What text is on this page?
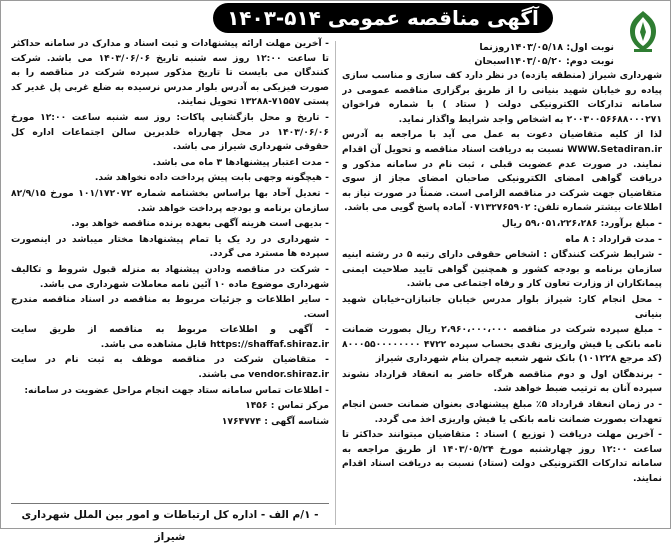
آگهی مناقصه عمومی ۵۱۴-۱۴۰۳
نوبت اول: ۱۴۰۳/۰۵/۱۸روزنما
نوبت دوم: ۱۴۰۳/۰۵/۲۰اسبحان

شهرداری شیراز (منطقه یازده) در نظر دارد کف سازی و مناسب سازی پیاده رو خیابان شهید بنیانی را از طریق برگزاری مناقصه عمومی در سامانه تدارکات الکترونیکی دولت ( ستاد ) با شماره فراخوان ۲۰۰۳۰۰۵۶۶۸۸۰۰۰۲۷۱ به اشخاص واجد شرایط واگذار نماید.

لذا از کلیه متقاضیان دعوت به عمل می آید با مراجعه به آدرس WWW.Setadiran.ir نسبت به دریافت اسناد مناقصه و تحویل آن اقدام نمایند. در صورت عدم عضویت قبلی ، ثبت نام در سامانه مذکور و دریافت گواهی امضای الکترونیکی صاحبان امضای مجاز از سوی متقاضیان جهت شرکت در مناقصه الزامی است. ضمناً در صورت نیاز به اطلاعات بیشتر شماره تلفن: ۰۷۱۳۲۷۶۵۹۰۲ آماده پاسخ گویی می باشد.

- مبلغ برآورد: ۵۹،۰۵۱،۲۲۶،۲۸۶ ریال

- مدت قرارداد : ۸ ماه

- شرایط شرکت کنندگان : اشخاص حقوقی دارای رتبه ۵ در رشته ابنیه سازمان برنامه و بودجه کشور و همچنین گواهی تایید صلاحیت ایمنی پیمانکاران از وزارت تعاون کار و رفاه اجتماعی می باشد.

- محل انجام کار: شیراز بلوار مدرس خیابان جانبازان-خیابان شهید بنیانی

- مبلغ سپرده شرکت در مناقصه ۲،۹۶۰،۰۰۰،۰۰۰ ریال بصورت ضمانت نامه بانکی یا فیش واریزی نقدی بحساب سپرده ۴۷۲۲ ۸۰۰۰۵۵۰۰۰۰۰۰۰۰ (کد مرجع ۱۰۱۲۲۸) بانک شهر شعبه چمران بنام شهرداری شیراز

- برندهگان اول و دوم مناقصه هرگاه حاضر به انعقاد قرارداد نشوند سپرده آنان به ترتیب ضبط خواهد شد.

- در زمان انعقاد قرارداد ۵٪ مبلغ پیشنهادی بعنوان ضمانت حسن انجام تعهدات بصورت ضمانت نامه بانکی یا فیش واریزی اخذ می گردد.

- آخرین مهلت دریافت ( توزیع ) اسناد : متقاضیان میتوانند حداکثر تا ساعت ۱۲:۰۰ روز چهارشنبه مورخ ۱۴۰۳/۰۵/۲۴ از طریق مراجعه به سامانه تدارکات الکترونیکی دولت (ستاد) نسبت به دریافت اسناد اقدام نمایند.

- آخرین مهلت ارائه پیشنهادات و ثبت اسناد و مدارک در سامانه حداکثر تا ساعت ۱۲:۰۰ روز سه شنبه تاریخ ۱۴۰۳/۰۶/۰۶ می باشد. شرکت کنندگان می بایست تا تاریخ مذکور سپرده شرکت در مناقصه را به صورت فیزیکی به آدرس بلوار مدرس نرسیده به ضلع غربی پل غدیر کد پستی ۷۱۵۵۷-۱۳۲۸۸ تحویل نمایند.

- تاریخ و محل بازگشایی پاکات: روز سه شنبه ساعت ۱۲:۰۰ مورخ ۱۴۰۳/۰۶/۰۶ در محل چهارراه خلدبرین سالن اجتماعات اداره کل حقوقی شهرداری شیراز می باشد.

- مدت اعتبار پیشنهادها ۳ ماه می باشد.

- هیچگونه وجهی بابت پیش پرداخت داده نخواهد شد.

- تعدیل آحاد بها براساس بخشنامه شماره ۱۰۱/۱۷۲۰۷۲ مورخ ۸۲/۹/۱۵ سازمان برنامه و بودجه پرداخت خواهد شد.

- بدیهی است هزینه آگهی بعهده برنده مناقصه خواهد بود.

- شهرداری در رد یک یا تمام پیشنهادها مختار میباشد در اینصورت سپرده ها مسترد می گردد.

- شرکت در مناقصه ودادن پیشنهاد به منزله قبول شروط و تکالیف شهرداری موضوع ماده ۱۰ آئین نامه معاملات شهرداری می باشد.

- سایر اطلاعات و جزئیات مربوط به مناقصه در اسناد مناقصه مندرج است.

- آگهی و اطلاعات مربوط به مناقصه از طریق سایت https://shaffaf.shiraz.ir قابل مشاهده می باشد.

- متقاضیان شرکت در مناقصه موظف به ثبت نام در سایت vendor.shiraz.ir می باشند.

- اطلاعات تماس سامانه ستاد جهت انجام مراحل عضویت در سامانه:

مرکز تماس : ۱۴۵۶

شناسه آگهی : ۱۷۶۴۷۷۴

- ۱/م الف - اداره کل ارتباطات و امور بین الملل شهرداری شیراز
